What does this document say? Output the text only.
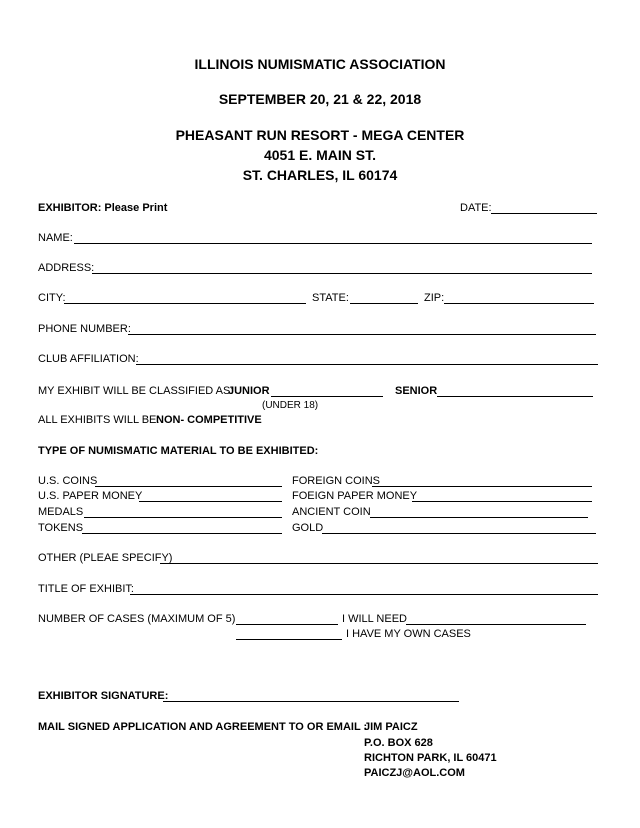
ILLINOIS NUMISMATIC ASSOCIATION
SEPTEMBER 20, 21 & 22, 2018
PHEASANT RUN RESORT - MEGA CENTER
4051 E. MAIN ST.
ST. CHARLES, IL 60174
EXHIBITOR: Please Print	DATE:
NAME:
ADDRESS:
CITY:	STATE:	ZIP:
PHONE NUMBER:
CLUB AFFILIATION:
MY EXHIBIT WILL BE CLASSIFIED AS:
JUNIOR	SENIOR
(UNDER 18)
ALL EXHIBITS WILL BE:
NON- COMPETITIVE
TYPE OF NUMISMATIC MATERIAL TO BE EXHIBITED:
U.S. COINS	FOREIGN COINS
U.S. PAPER MONEY	FOEIGN PAPER MONEY
MEDALS	ANCIENT COIN
TOKENS	GOLD
OTHER (PLEAE SPECIFY)
TITLE OF EXHIBIT:
NUMBER OF CASES (MAXIMUM OF 5)	I WILL NEED
I HAVE MY OWN CASES
EXHIBITOR SIGNATURE:
MAIL SIGNED APPLICATION AND AGREEMENT TO OR EMAIL :
JIM PAICZ
P.O. BOX 628
RICHTON PARK, IL 60471
PAICZJ@AOL.COM
